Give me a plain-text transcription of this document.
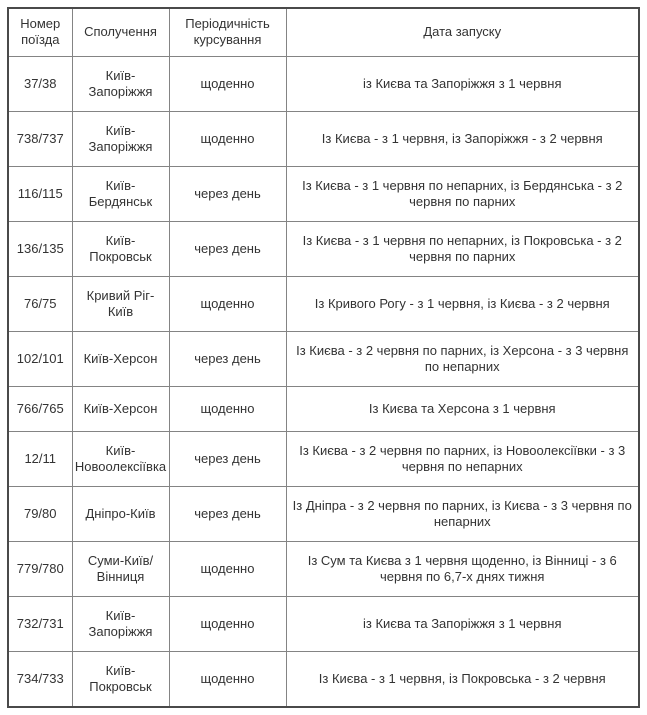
Номер поїзда	Сполучення	Періодичність курсування	Дата запуску
37/38	Київ-Запоріжжя	щоденно	із Києва та Запоріжжя з 1 червня
738/737	Київ-Запоріжжя	щоденно	Із Києва - з 1 червня, із Запоріжжя - з 2 червня
116/115	Київ-Бердянськ	через день	Із Києва - з 1 червня по непарних, із Бердянська - з 2 червня по парних
136/135	Київ-Покровськ	через день	Із Києва - з 1 червня по непарних, із Покровська - з 2 червня по парних
76/75	Кривий Ріг-Київ	щоденно	Із Кривого Рогу - з 1 червня, із Києва - з 2 червня
102/101	Київ-Херсон	через день	Із Києва - з 2 червня по парних, із Херсона - з 3 червня по непарних
766/765	Київ-Херсон	щоденно	Із Києва та Херсона з 1 червня
12/11	Київ-Новоолексіївка	через день	Із Києва - з 2 червня по парних, із Новоолексіївки - з 3 червня по непарних
79/80	Дніпро-Київ	через день	Із Дніпра - з 2 червня по парних, із Києва - з 3 червня по непарних
779/780	Суми-Київ/ Вінниця	щоденно	Із Сум та Києва з 1 червня щоденно, із Вінниці - з 6 червня по 6,7-х днях тижня
732/731	Київ-Запоріжжя	щоденно	із Києва та Запоріжжя з 1 червня
734/733	Київ-Покровськ	щоденно	Із Києва - з 1 червня, із Покровська - з 2 червня
